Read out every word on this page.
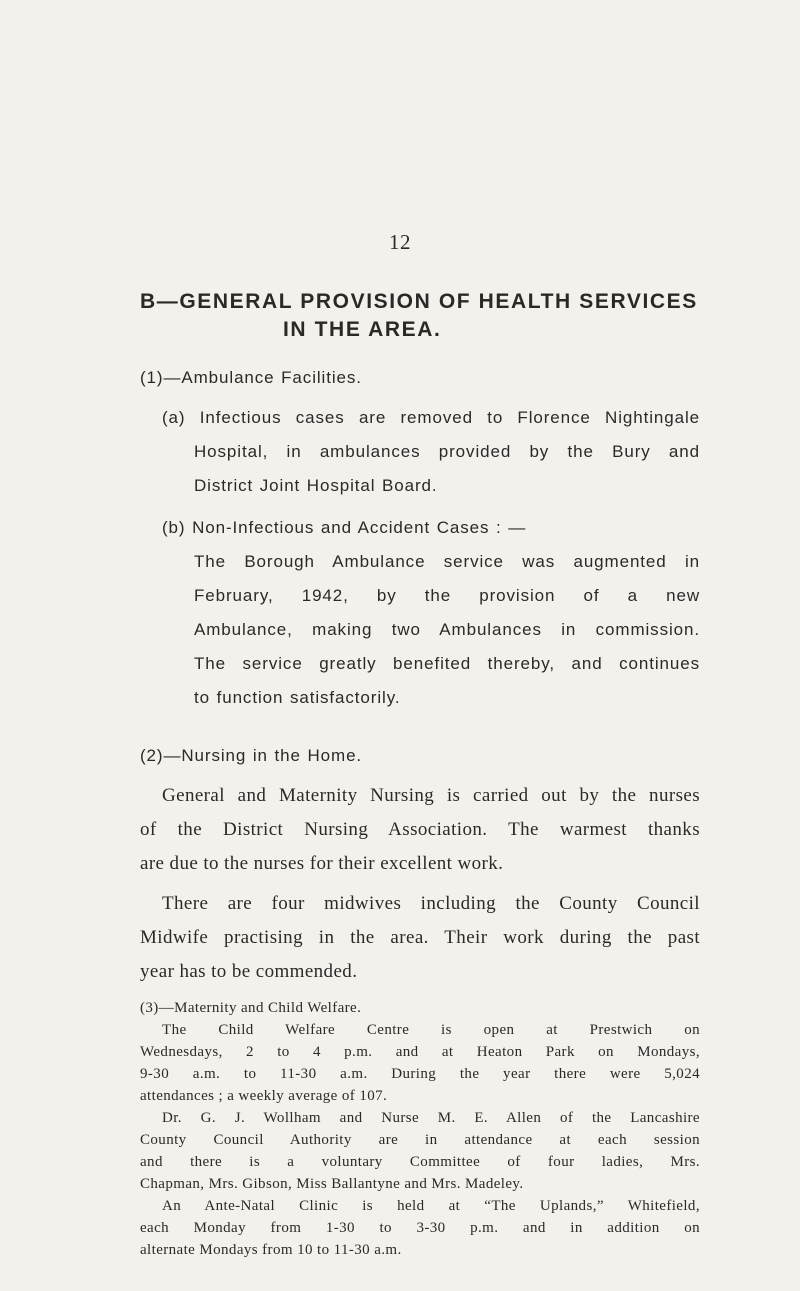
12
B—GENERAL PROVISION OF HEALTH SERVICES
IN THE AREA.
(1)—Ambulance Facilities.
(a) Infectious cases are removed to Florence Nightingale
Hospital, in ambulances provided by the Bury and
District Joint Hospital Board.
(b) Non-Infectious and Accident Cases : —
The Borough Ambulance service was augmented in
February, 1942, by the provision of a new
Ambulance, making two Ambulances in commission.
The service greatly benefited thereby, and continues
to function satisfactorily.
(2)—Nursing in the Home.
General and Maternity Nursing is carried out by the nurses
of the District Nursing Association. The warmest thanks
are due to the nurses for their excellent work.
There are four midwives including the County Council
Midwife practising in the area. Their work during the past
year has to be commended.
(3)—Maternity and Child Welfare.
The Child Welfare Centre is open at Prestwich on
Wednesdays, 2 to 4 p.m. and at Heaton Park on Mondays,
9-30 a.m. to 11-30 a.m. During the year there were 5,024
attendances ; a weekly average of 107.
Dr. G. J. Wollham and Nurse M. E. Allen of the Lancashire
County Council Authority are in attendance at each session
and there is a voluntary Committee of four ladies, Mrs.
Chapman, Mrs. Gibson, Miss Ballantyne and Mrs. Madeley.
An Ante-Natal Clinic is held at “The Uplands,” Whitefield,
each Monday from 1-30 to 3-30 p.m. and in addition on
alternate Mondays from 10 to 11-30 a.m.
